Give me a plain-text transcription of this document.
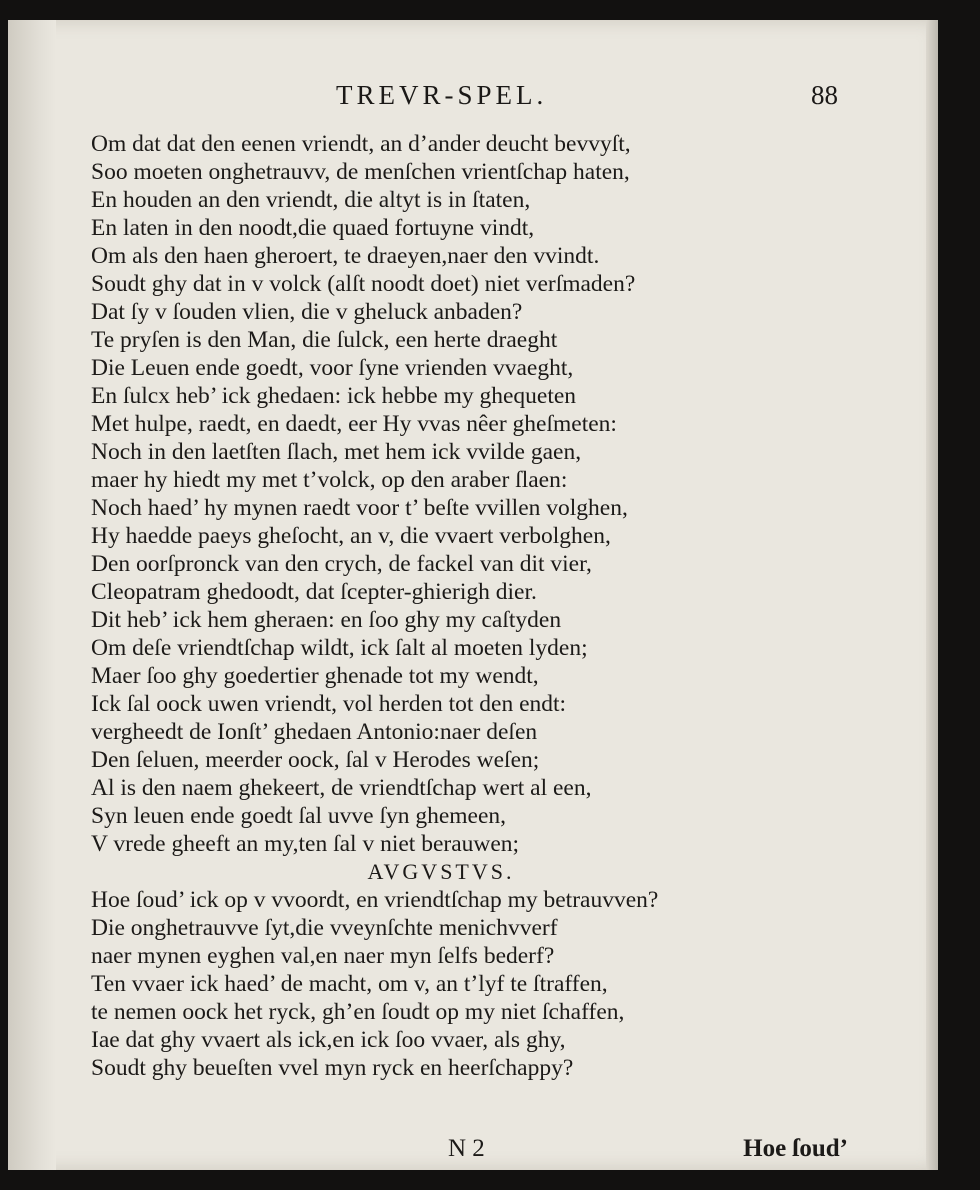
TREVR-SPEL.	88
Om dat dat den eenen vriendt, an d’ander deucht bevvyſt,
Soo moeten onghetrauvv, de menſchen vrientſchap haten,
En houden an den vriendt, die altyt is in ſtaten,
En laten in den noodt,die quaed fortuyne vindt,
Om als den haen gheroert, te draeyen,naer den vvindt.
Soudt ghy dat in v volck (alſt noodt doet) niet verſmaden?
Dat ſy v ſouden vlien, die v gheluck anbaden?
Te pryſen is den Man, die ſulck, een herte draeght
Die Leuen ende goedt, voor ſyne vrienden vvaeght,
En ſulcx heb’ ick ghedaen: ick hebbe my ghequeten
Met hulpe, raedt, en daedt, eer Hy vvas nêer gheſmeten:
Noch in den laetſten ſlach, met hem ick vvilde gaen,
maer hy hiedt my met t’volck, op den araber ſlaen:
Noch haed’ hy mynen raedt voor t’ beſte vvillen volghen,
Hy haedde paeys gheſocht, an v, die vvaert verbolghen,
Den oorſpronck van den crych, de fackel van dit vier,
Cleopatram ghedoodt, dat ſcepter-ghierigh dier.
Dit heb’ ick hem gheraen: en ſoo ghy my caſtyden
Om deſe vriendtſchap wildt, ick ſalt al moeten lyden;
Maer ſoo ghy goedertier ghenade tot my wendt,
Ick ſal oock uwen vriendt, vol herden tot den endt:
vergheedt de Ionſt’ ghedaen Antonio:naer deſen
Den ſeluen, meerder oock, ſal v Herodes weſen;
Al is den naem ghekeert, de vriendtſchap wert al een,
Syn leuen ende goedt ſal uvve ſyn ghemeen,
V vrede gheeft an my,ten ſal v niet berauwen;
AVGVSTVS.
Hoe ſoud’ ick op v vvoordt, en vriendtſchap my betrauvven?
Die onghetrauvve ſyt,die vveynſchte menichvverf
naer mynen eyghen val,en naer myn ſelfs bederf?
Ten vvaer ick haed’ de macht, om v, an t’lyf te ſtraffen,
te nemen oock het ryck, gh’en ſoudt op my niet ſchaffen,
Iae dat ghy vvaert als ick,en ick ſoo vvaer, als ghy,
Soudt ghy beueſten vvel myn ryck en heerſchappy?
N 2	Hoe ſoud’
